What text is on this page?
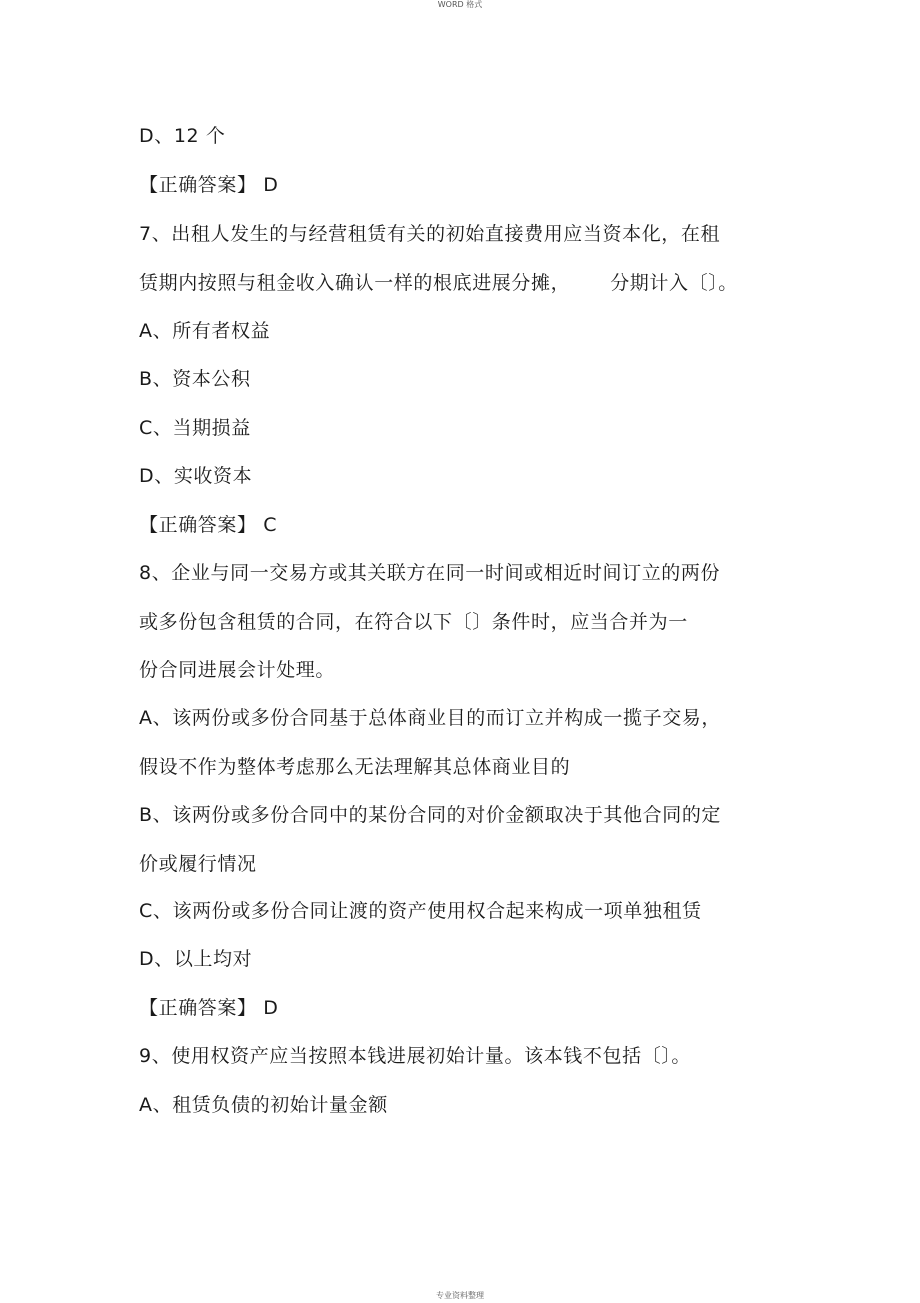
WORD 格式
D、12 个
【正确答案】 D
7、出租人发生的与经营租赁有关的初始直接费用应当资本化，在租
赁期内按照与租金收入确认一样的根底进展分摊， 分期计入〔〕。
A、所有者权益
B、资本公积
C、当期损益
D、实收资本
【正确答案】 C
8、企业与同一交易方或其关联方在同一时间或相近时间订立的两份
或多份包含租赁的合同，在符合以下〔〕条件时，应当合并为一
份合同进展会计处理。
A、该两份或多份合同基于总体商业目的而订立并构成一揽子交易，
假设不作为整体考虑那么无法理解其总体商业目的
B、该两份或多份合同中的某份合同的对价金额取决于其他合同的定
价或履行情况
C、该两份或多份合同让渡的资产使用权合起来构成一项单独租赁
D、以上均对
【正确答案】 D
9、使用权资产应当按照本钱进展初始计量。该本钱不包括〔〕。
A、租赁负债的初始计量金额
专业资料整理
